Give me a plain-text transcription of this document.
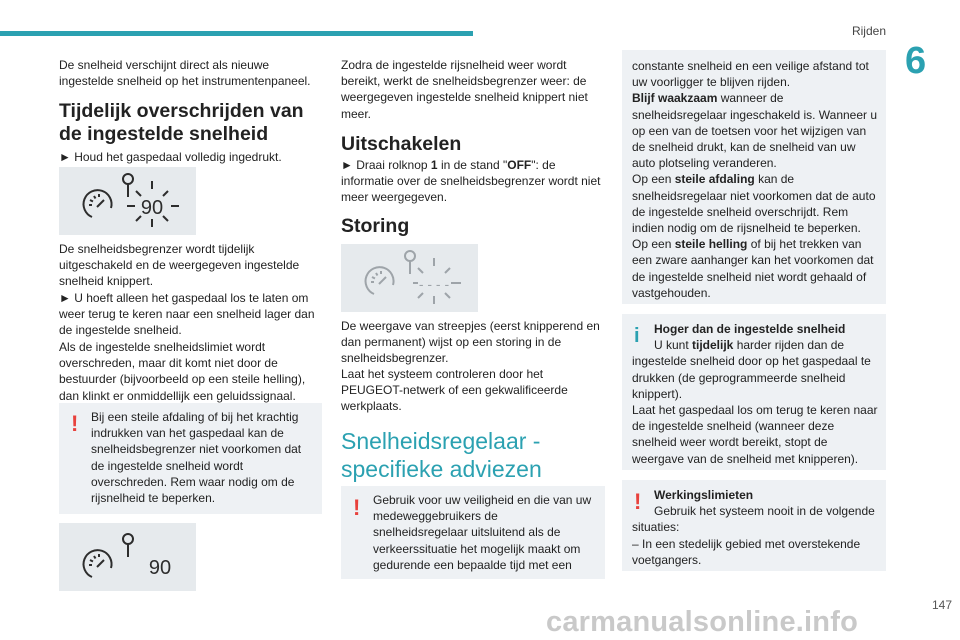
Rijden
6
De snelheid verschijnt direct als nieuwe ingestelde snelheid op het instrumentenpaneel.
Tijdelijk overschrijden van de ingestelde snelheid
► Houd het gaspedaal volledig ingedrukt.
90
De snelheidsbegrenzer wordt tijdelijk uitgeschakeld en de weergegeven ingestelde snelheid knippert.
► U hoeft alleen het gaspedaal los te laten om weer terug te keren naar een snelheid lager dan de ingestelde snelheid.
Als de ingestelde snelheidslimiet wordt overschreden, maar dit komt niet door de bestuurder (bijvoorbeeld op een steile helling), dan klinkt er onmiddellijk een geluidssignaal.
!	Bij een steile afdaling of bij het krachtig indrukken van het gaspedaal kan de snelheidsbegrenzer niet voorkomen dat de ingestelde snelheid wordt overschreden. Rem waar nodig om de rijsnelheid te beperken.
90
Zodra de ingestelde rijsnelheid weer wordt bereikt, werkt de snelheidsbegrenzer weer: de weergegeven ingestelde snelheid knippert niet meer.
Uitschakelen
► Draai rolknop 1 in de stand "OFF": de informatie over de snelheidsbegrenzer wordt niet meer weergegeven.
Storing
- - - -
De weergave van streepjes (eerst knipperend en dan permanent) wijst op een storing in de snelheidsbegrenzer.
Laat het systeem controleren door het PEUGEOT-netwerk of een gekwalificeerde werkplaats.
Snelheidsregelaar - specifieke adviezen
!	Gebruik voor uw veiligheid en die van uw medeweggebruikers de snelheidsregelaar uitsluitend als de verkeerssituatie het mogelijk maakt om gedurende een bepaalde tijd met een
constante snelheid en een veilige afstand tot uw voorligger te blijven rijden.
Blijf waakzaam wanneer de snelheidsregelaar ingeschakeld is. Wanneer u op een van de toetsen voor het wijzigen van de snelheid drukt, kan de snelheid van uw auto plotseling veranderen.
Op een steile afdaling kan de snelheidsregelaar niet voorkomen dat de auto de ingestelde snelheid overschrijdt. Rem indien nodig om de rijsnelheid te beperken.
Op een steile helling of bij het trekken van een zware aanhanger kan het voorkomen dat de ingestelde snelheid niet wordt gehaald of vastgehouden.
i	Hoger dan de ingestelde snelheid
U kunt tijdelijk harder rijden dan de ingestelde snelheid door op het gaspedaal te drukken (de geprogrammeerde snelheid knippert).
Laat het gaspedaal los om terug te keren naar de ingestelde snelheid (wanneer deze snelheid weer wordt bereikt, stopt de weergave van de snelheid met knipperen).
!	Werkingslimieten
Gebruik het systeem nooit in de volgende situaties:
– In een stedelijk gebied met overstekende voetgangers.
147
carmanualsonline.info
